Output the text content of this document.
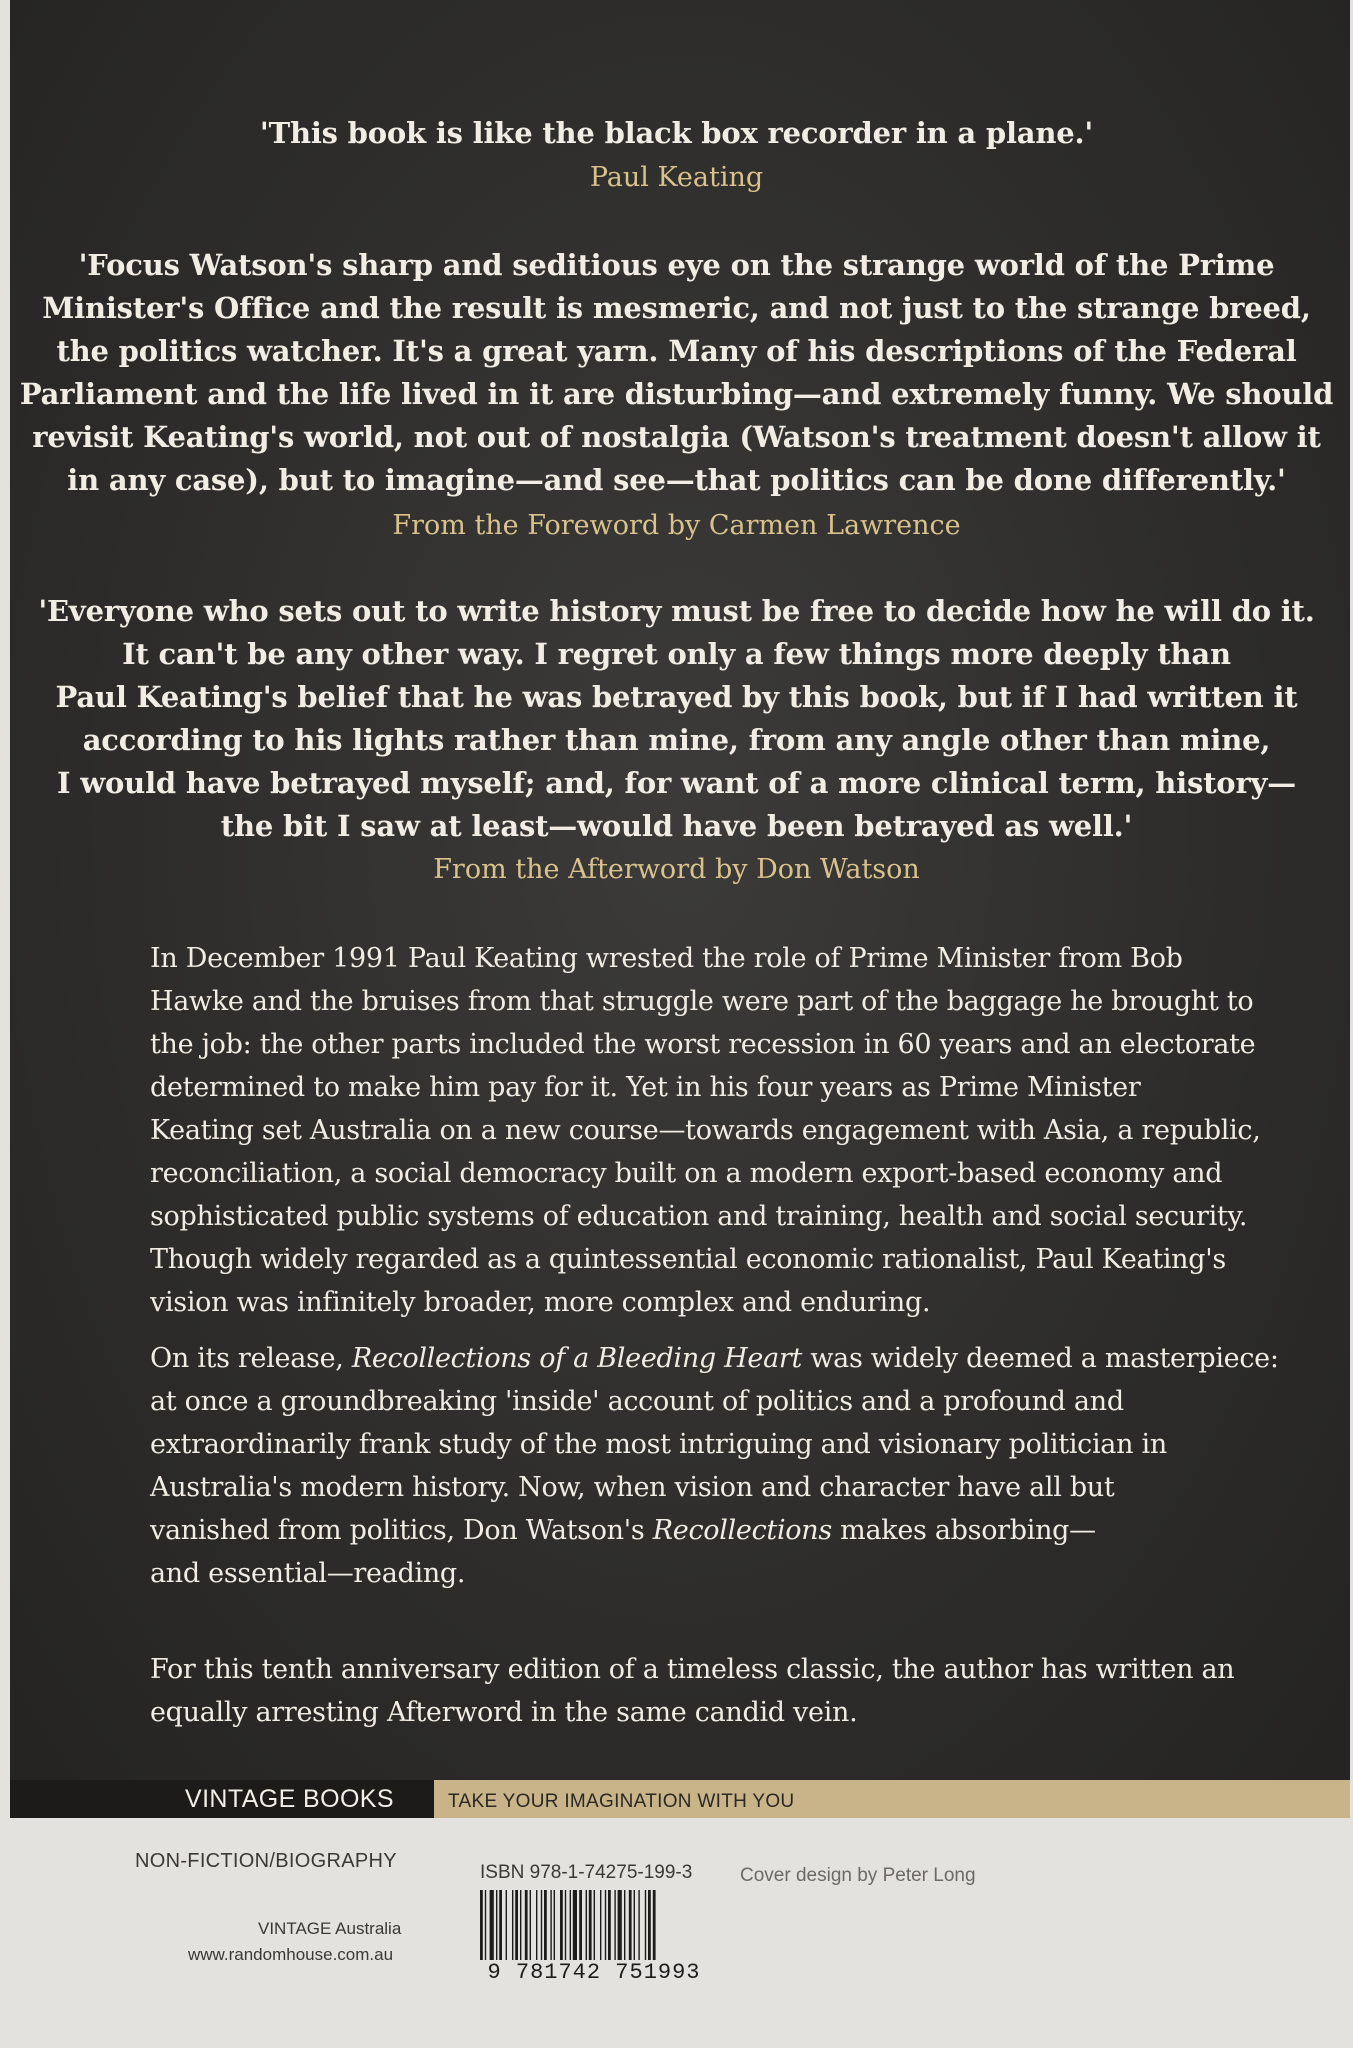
'This book is like the black box recorder in a plane.'
Paul Keating
'Focus Watson's sharp and seditious eye on the strange world of the Prime
Minister's Office and the result is mesmeric, and not just to the strange breed,
the politics watcher. It's a great yarn. Many of his descriptions of the Federal
Parliament and the life lived in it are disturbing—and extremely funny. We should
revisit Keating's world, not out of nostalgia (Watson's treatment doesn't allow it
in any case), but to imagine—and see—that politics can be done differently.'
From the Foreword by Carmen Lawrence
'Everyone who sets out to write history must be free to decide how he will do it.
It can't be any other way. I regret only a few things more deeply than
Paul Keating's belief that he was betrayed by this book, but if I had written it
according to his lights rather than mine, from any angle other than mine,
I would have betrayed myself; and, for want of a more clinical term, history—
the bit I saw at least—would have been betrayed as well.'
From the Afterword by Don Watson
In December 1991 Paul Keating wrested the role of Prime Minister from Bob
Hawke and the bruises from that struggle were part of the baggage he brought to
the job: the other parts included the worst recession in 60 years and an electorate
determined to make him pay for it. Yet in his four years as Prime Minister
Keating set Australia on a new course—towards engagement with Asia, a republic,
reconciliation, a social democracy built on a modern export-based economy and
sophisticated public systems of education and training, health and social security.
Though widely regarded as a quintessential economic rationalist, Paul Keating's
vision was infinitely broader, more complex and enduring.
On its release, Recollections of a Bleeding Heart was widely deemed a masterpiece:
at once a groundbreaking 'inside' account of politics and a profound and
extraordinarily frank study of the most intriguing and visionary politician in
Australia's modern history. Now, when vision and character have all but
vanished from politics, Don Watson's Recollections makes absorbing—
and essential—reading.
For this tenth anniversary edition of a timeless classic, the author has written an
equally arresting Afterword in the same candid vein.
VINTAGE BOOKS	TAKE YOUR IMAGINATION WITH YOU
NON-FICTION/BIOGRAPHY
VINTAGE Australia
www.randomhouse.com.au
ISBN 978-1-74275-199-3	Cover design by Peter Long
9 781742 751993
